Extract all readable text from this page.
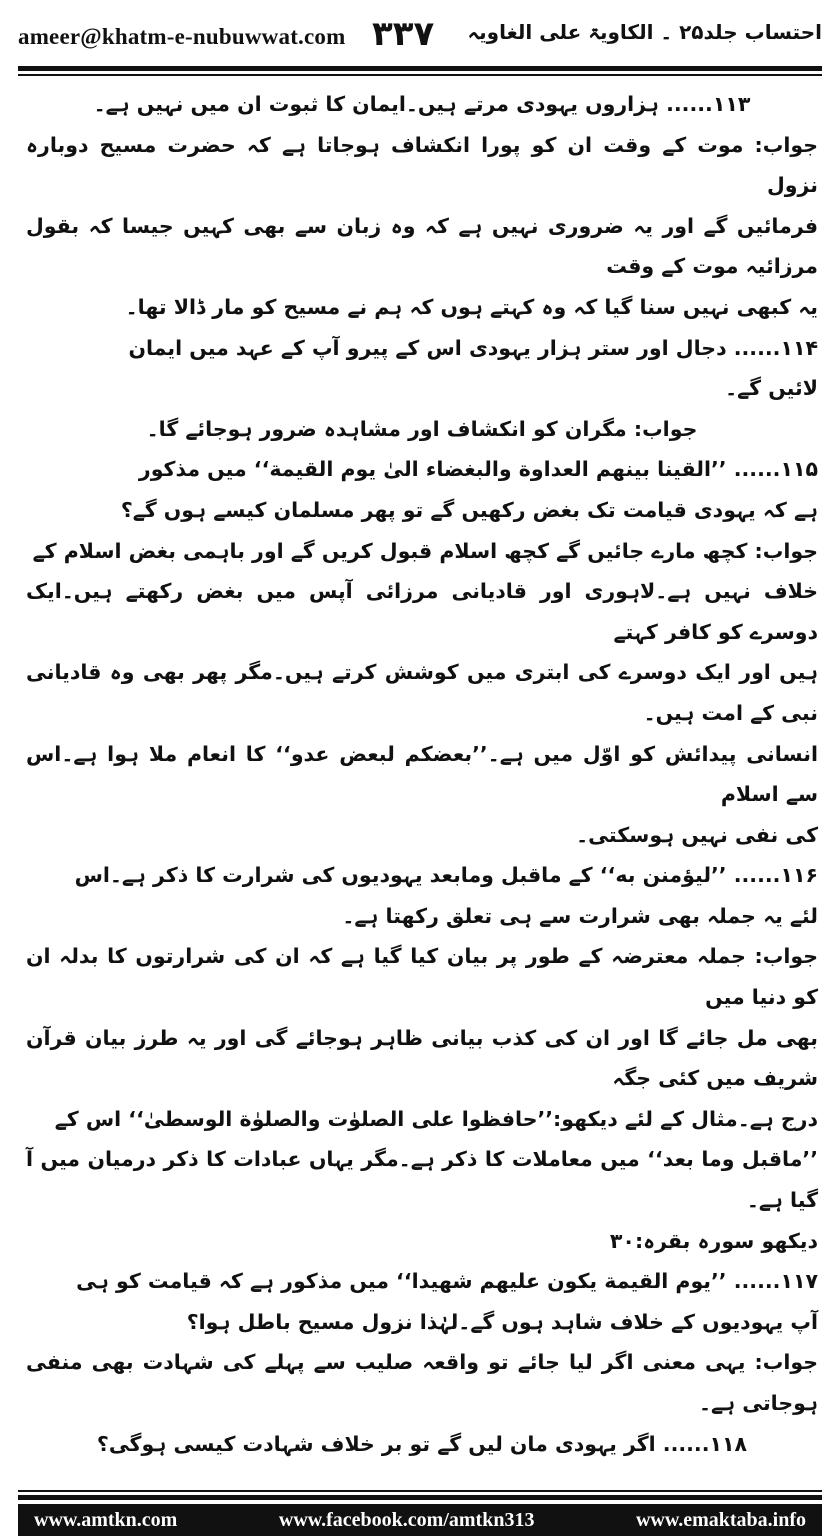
ameer@khatm-e-nubuwwat.com ٣٣٧ احتساب جلد۲۵ ۔ الکاویۃ علی الغاویہ

۱۱۳...... ہزاروں یہودی مرتے ہیں۔ایمان کا ثبوت ان میں نہیں ہے۔

جواب: موت کے وقت ان کو پورا انکشاف ہوجاتا ہے کہ حضرت مسیح دوبارہ نزول

فرمائیں گے اور یہ ضروری نہیں ہے کہ وہ زبان سے بھی کہیں جیسا کہ بقول مرزائیہ موت کے وقت

یہ کبھی نہیں سنا گیا کہ وہ کہتے ہوں کہ ہم نے مسیح کو مار ڈالا تھا۔

۱۱۴...... دجال اور ستر ہزار یہودی اس کے پیرو آپ کے عہد میں ایمان

لائیں گے۔

جواب: مگران کو انکشاف اور مشاہدہ ضرور ہوجائے گا۔

۱۱۵...... ’’القینا بینهم العداوة والبغضاء الیٰ یوم القیمة‘‘ میں مذکور

ہے کہ یہودی قیامت تک بغض رکھیں گے تو پھر مسلمان کیسے ہوں گے؟

جواب: کچھ مارے جائیں گے کچھ اسلام قبول کریں گے اور باہمی بغض اسلام کے

خلاف نہیں ہے۔لاہوری اور قادیانی مرزائی آپس میں بغض رکھتے ہیں۔ایک دوسرے کو کافر کہتے

ہیں اور ایک دوسرے کی ابتری میں کوشش کرتے ہیں۔مگر پھر بھی وہ قادیانی نبی کے امت ہیں۔

انسانی پیدائش کو اوّل میں ہے۔’’بعضکم لبعض عدو‘‘ کا انعام ملا ہوا ہے۔اس سے اسلام

کی نفی نہیں ہوسکتی۔

۱۱۶...... ’’لیؤمنن به‘‘ کے ماقبل ومابعد یہودیوں کی شرارت کا ذکر ہے۔اس

لئے یہ جملہ بھی شرارت سے ہی تعلق رکھتا ہے۔

جواب: جملہ معترضہ کے طور پر بیان کیا گیا ہے کہ ان کی شرارتوں کا بدلہ ان کو دنیا میں

بھی مل جائے گا اور ان کی کذب بیانی ظاہر ہوجائے گی اور یہ طرز بیان قرآن شریف میں کئی جگہ

درج ہے۔مثال کے لئے دیکھو:’’حافظوا علی الصلوٰت والصلوٰة الوسطیٰ‘‘ اس کے

’’ماقبل وما بعد‘‘ میں معاملات کا ذکر ہے۔مگر یہاں عبادات کا ذکر درمیان میں آ گیا ہے۔

دیکھو سورہ بقرہ:۳۰

۱۱۷...... ’’یوم القیمة یکون علیهم شهیدا‘‘ میں مذکور ہے کہ قیامت کو ہی

آپ یہودیوں کے خلاف شاہد ہوں گے۔لہٰذا نزول مسیح باطل ہوا؟

جواب: یہی معنی اگر لیا جائے تو واقعہ صلیب سے پہلے کی شہادت بھی منفی ہوجاتی ہے۔

۱۱۸...... اگر یہودی مان لیں گے تو بر خلاف شہادت کیسی ہوگی؟

www.amtkn.com	www.facebook.com/amtkn313	www.emaktaba.info
